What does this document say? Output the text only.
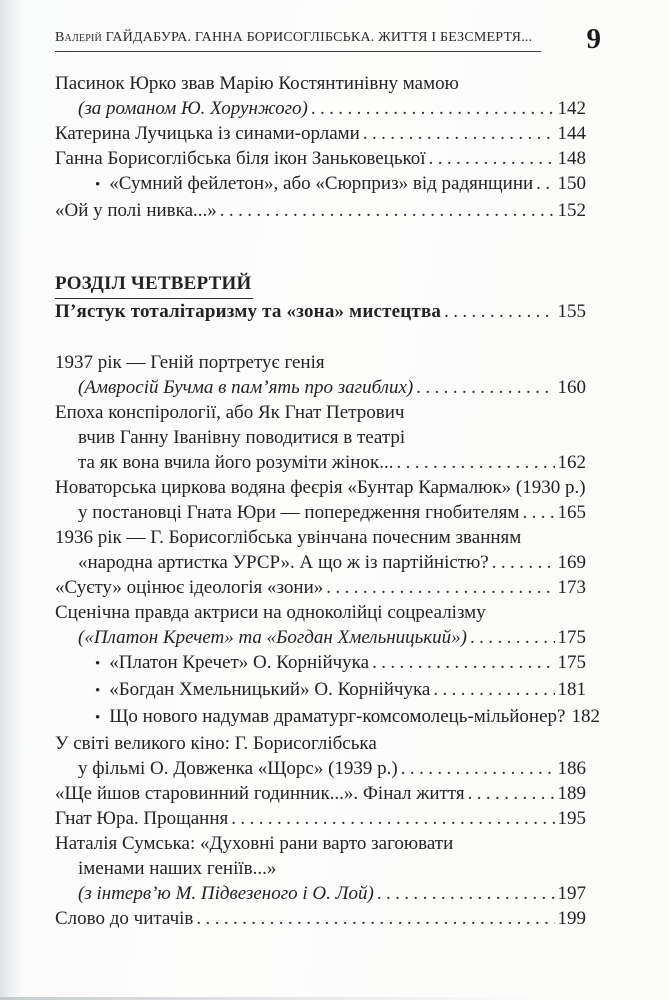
Валерій ГАЙДАБУРА. ГАННА БОРИСОГЛІБСЬКА. ЖИТТЯ І БЕЗСМЕРТЯ... 9
Пасинок Юрко звав Марію Костянтинівну мамою
(за романом Ю. Хорунжого) .....	142
Катерина Лучицька із синами-орлами .....	144
Ганна Борисоглібська біля ікон Заньковецької .....	148
• «Сумний фейлетон», або «Сюрприз» від радянщини ..... 150
«Ой у полі нивка...» .....	152
РОЗДІЛ ЧЕТВЕРТИЙ
П’ястук тоталітаризму та «зона» мистецтва .....	155
1937 рік — Геній портретує генія
(Амвросій Бучма в пам’ять про загиблих) .....	160
Епоха конспірології, або Як Гнат Петрович
вчив Ганну Іванівну поводитися в театрі
та як вона вчила його розуміти жінок... .....	162
Новаторська циркова водяна феєрія «Бунтар Кармалюк» (1930 р.)
у постановці Гната Юри — попередження гнобителям ..... 165
1936 рік — Г. Борисоглібська увінчана почесним званням
«народна артистка УРСР». А що ж із партійністю? .....	169
«Суєту» оцінює ідеологія «зони» .....	173
Сценічна правда актриси на одноколійці соцреалізму
(«Платон Кречет» та «Богдан Хмельницький») .....	175
• «Платон Кречет» О. Корнійчука .....	175
• «Богдан Хмельницький» О. Корнійчука .....	181
• Що нового надумав драматург-комсомолець-мільйонер? 182
У світі великого кіно: Г. Борисоглібська
у фільмі О. Довженка «Щорс» (1939 р.) .....	186
«Ще йшов старовинний годинник...». Фінал життя .....	189
Гнат Юра. Прощання .....	195
Наталія Сумська: «Духовні рани варто загоювати
іменами наших геніїв...»
(з інтерв’ю М. Підвезеного і О. Лой) .....	197
Слово до читачів .....	199
